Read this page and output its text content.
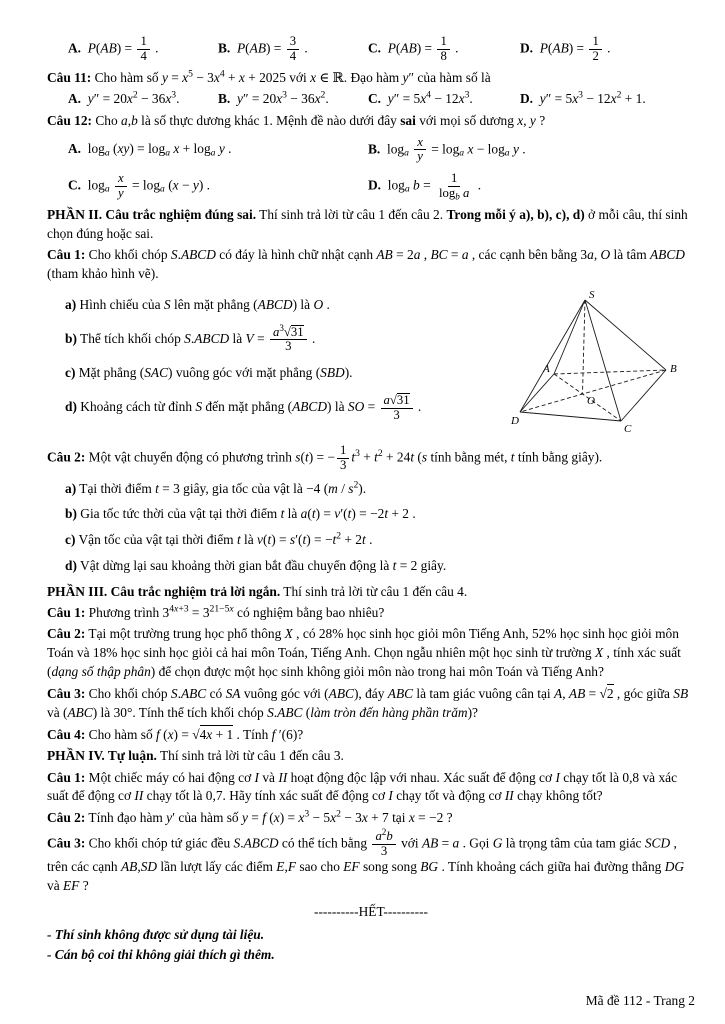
A. $P(AB) = \frac{1}{4}$ .	B. $P(AB) = \frac{3}{4}$ .	C. $P(AB) = \frac{1}{8}$ .	D. $P(AB) = \frac{1}{2}$ .
Câu 11: Cho hàm số $y = x^5 - 3x^4 + x + 2025$ với x ∈ ℝ. Đạo hàm y″ của hàm số là
A. $y'' = 20x^2 - 36x^3$.	B. $y'' = 20x^3 - 36x^2$.	C. $y'' = 5x^4 - 12x^3$.	D. $y'' = 5x^3 - 12x^2 + 1$.
Câu 12: Cho a,b là số thực dương khác 1. Mệnh đề nào dưới đây sai với mọi số dương x, y ?
A.  $\log_a (xy) = \log_a x + \log_a y$ .	B.  $\log_a \frac{x}{y} = \log_a x - \log_a y$ .
C.  $\log_a \frac{x}{y} = \log_a (x - y)$ .	D.  $\log_a b = \frac{1}{\log_b a}$ .
PHẦN II. Câu trắc nghiệm đúng sai. Thí sinh trả lời từ câu 1 đến câu 2. Trong mỗi ý a), b), c), d) ở mỗi câu, thí sinh chọn đúng hoặc sai.
Câu 1: Cho khối chóp S.ABCD có đáy là hình chữ nhật cạnh AB = 2a , BC = a , các cạnh bên bằng 3a, O là tâm ABCD (tham khảo hình vẽ).
a) Hình chiếu của S lên mặt phẳng (ABCD) là O .
b) Thể tích khối chóp S.ABCD là $V = \frac{a^3 √ 31}{3}$ .
c) Mặt phẳng (SAC) vuông góc với mặt phẳng (SBD).
d) Khoảng cách từ đỉnh S đến mặt phẳng (ABCD) là SO = $\frac{a √ 31}{3}$ .
S
A	B
C
D
O
Câu 2: Một vật chuyển động có phương trình s(t) = − $\frac{1}{3} t^3 + t^2 + 24t$ (s tính bằng mét, t tính bằng giây).
a) Tại thời điểm t = 3 giây, gia tốc của vật là −4 $(m / s^2)$.
b) Gia tốc tức thời của vật tại thời điểm t là a(t) = v′(t) = −2t + 2 .
c) Vận tốc của vật tại thời điểm t là $v(t) = s'(t) = -t^2 + 2t$ .
d) Vật dừng lại sau khoảng thời gian bắt đầu chuyển động là t = 2 giây.
PHẦN III. Câu trắc nghiệm trả lời ngắn. Thí sinh trả lời từ câu 1 đến câu 4.
Câu 1: Phương trình $3^{4x+3} = 3^{21-5x}$ có nghiệm bằng bao nhiêu?
Câu 2: Tại một trường trung học phổ thông X , có 28% học sinh học giỏi môn Tiếng Anh, 52% học sinh học giỏi môn Toán và 18% học sinh học giỏi cả hai môn Toán, Tiếng Anh. Chọn ngẫu nhiên một học sinh từ trường X , tính xác suất (dạng số thập phân) để chọn được một học sinh không giỏi môn nào trong hai môn Toán và Tiếng Anh?
Câu 3: Cho khối chóp S.ABC có SA vuông góc với (ABC), đáy ABC là tam giác vuông cân tại A, AB = √ 2 , góc giữa SB và (ABC) là 30°. Tính thể tích khối chóp S.ABC (làm tròn đến hàng phần trăm)?
Câu 4: Cho hàm số f (x) = √ 4x + 1 . Tính f ′(6)?
PHẦN IV. Tự luận. Thí sinh trả lời từ câu 1 đến câu 3.
Câu 1: Một chiếc máy có hai động cơ I và II hoạt động độc lập với nhau. Xác suất để động cơ I chạy tốt là 0,8 và xác suất để động cơ II chạy tốt là 0,7. Hãy tính xác suất để động cơ I chạy tốt và động cơ II chạy không tốt?
Câu 2: Tính đạo hàm y′ của hàm số y = f $(x) = x^3 - 5x^2 - 3x + 7$ tại x = −2 ?
Câu 3: Cho khối chóp tứ giác đều S.ABCD có thể tích bằng $\frac{a^2b}{3}$ với AB = a . Gọi G là trọng tâm của tam giác SCD , trên các cạnh AB,SD lần lượt lấy các điểm E,F sao cho EF song song BG . Tính khoảng cách giữa hai đường thẳng DG và EF ?
----------HẾT----------
- Thí sinh không được sử dụng tài liệu.
- Cán bộ coi thi không giải thích gì thêm.
Mã đề 112 - Trang 2
